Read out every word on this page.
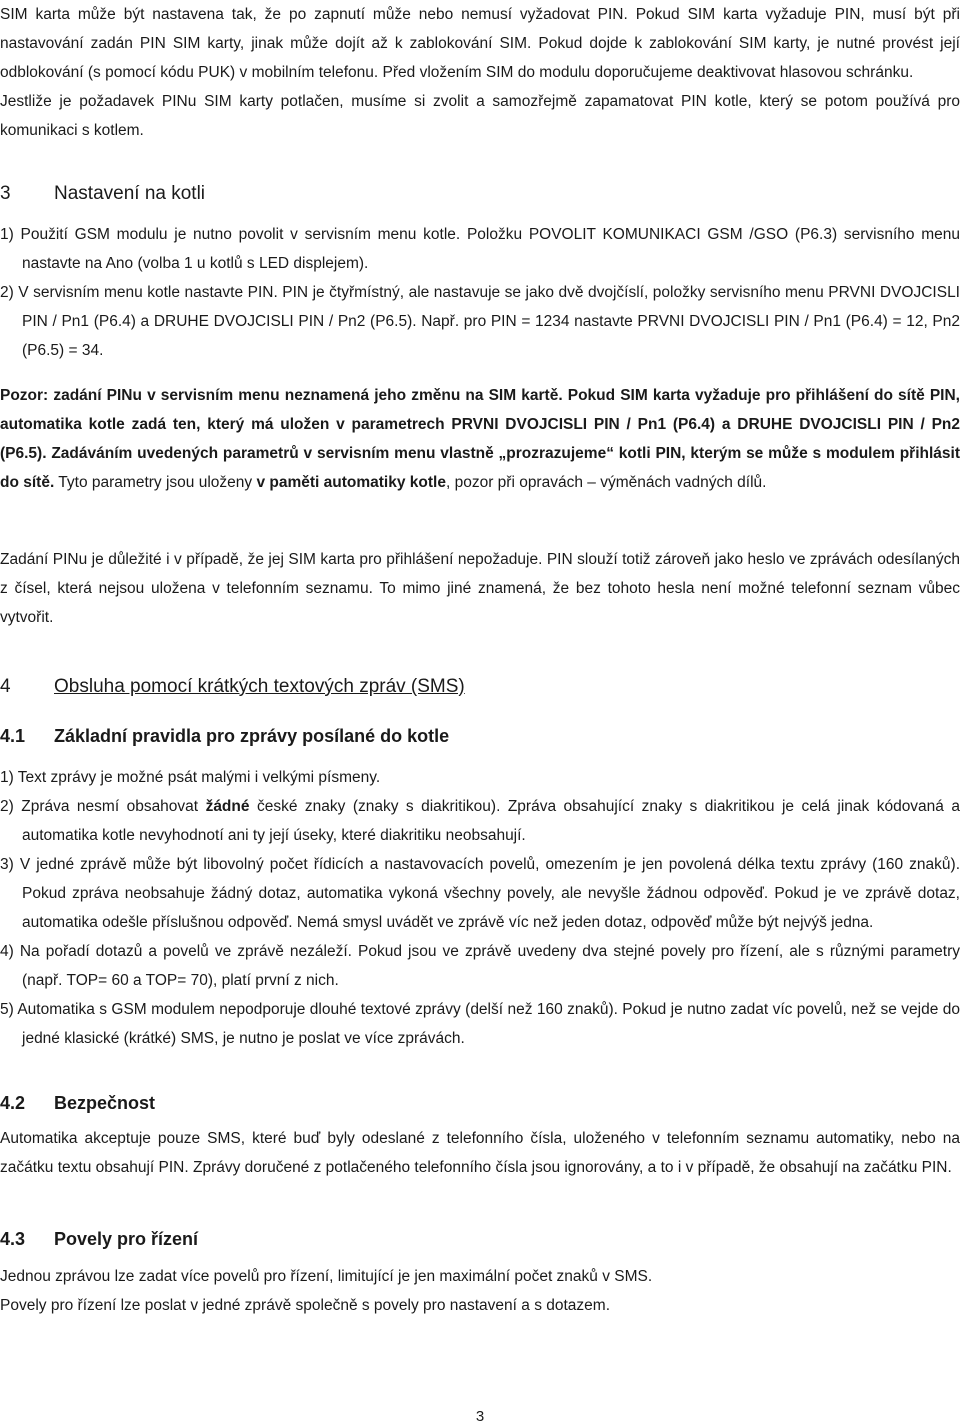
SIM karta může být nastavena tak, že po zapnutí může nebo nemusí vyžadovat PIN. Pokud SIM karta vyžaduje PIN, musí být při nastavování zadán PIN SIM karty, jinak může dojít až k zablokování SIM. Pokud dojde k zablokování SIM karty, je nutné provést její odblokování (s pomocí kódu PUK) v mobilním telefonu. Před vložením SIM do modulu doporučujeme deaktivovat hlasovou schránku.

Jestliže je požadavek PINu SIM karty potlačen, musíme si zvolit a samozřejmě zapamatovat PIN kotle, který se potom používá pro komunikaci s kotlem.

3 Nastavení na kotli

1) Použití GSM modulu je nutno povolit v servisním menu kotle. Položku POVOLIT KOMUNIKACI GSM /GSO (P6.3) servisního menu nastavte na Ano (volba 1 u kotlů s LED displejem).

2) V servisním menu kotle nastavte PIN. PIN je čtyřmístný, ale nastavuje se jako dvě dvojčíslí, položky servisního menu PRVNI DVOJCISLI PIN / Pn1 (P6.4) a DRUHE DVOJCISLI PIN / Pn2 (P6.5). Např. pro PIN = 1234 nastavte PRVNI DVOJCISLI PIN / Pn1 (P6.4) = 12, Pn2 (P6.5) = 34.

Pozor: zadání PINu v servisním menu neznamená jeho změnu na SIM kartě. Pokud SIM karta vyžaduje pro přihlášení do sítě PIN, automatika kotle zadá ten, který má uložen v parametrech PRVNI DVOJCISLI PIN / Pn1 (P6.4) a DRUHE DVOJCISLI PIN / Pn2 (P6.5). Zadáváním uvedených parametrů v servisním menu vlastně „prozrazujeme“ kotli PIN, kterým se může s modulem přihlásit do sítě. Tyto parametry jsou uloženy v paměti automatiky kotle, pozor při opravách – výměnách vadných dílů.

Zadání PINu je důležité i v případě, že jej SIM karta pro přihlášení nepožaduje. PIN slouží totiž zároveň jako heslo ve zprávách odesílaných z čísel, která nejsou uložena v telefonním seznamu. To mimo jiné znamená, že bez tohoto hesla není možné telefonní seznam vůbec vytvořit.

4 Obsluha pomocí krátkých textových zpráv (SMS)
4.1 Základní pravidla pro zprávy posílané do kotle

1) Text zprávy je možné psát malými i velkými písmeny.

2) Zpráva nesmí obsahovat žádné české znaky (znaky s diakritikou). Zpráva obsahující znaky s diakritikou je celá jinak kódovaná a automatika kotle nevyhodnotí ani ty její úseky, které diakritiku neobsahují.

3) V jedné zprávě může být libovolný počet řídicích a nastavovacích povelů, omezením je jen povolená délka textu zprávy (160 znaků). Pokud zpráva neobsahuje žádný dotaz, automatika vykoná všechny povely, ale nevyšle žádnou odpověď. Pokud je ve zprávě dotaz, automatika odešle příslušnou odpověď. Nemá smysl uvádět ve zprávě víc než jeden dotaz, odpověď může být nejvýš jedna.

4) Na pořadí dotazů a povelů ve zprávě nezáleží. Pokud jsou ve zprávě uvedeny dva stejné povely pro řízení, ale s různými parametry (např. TOP= 60 a TOP= 70), platí první z nich.

5) Automatika s GSM modulem nepodporuje dlouhé textové zprávy (delší než 160 znaků). Pokud je nutno zadat víc povelů, než se vejde do jedné klasické (krátké) SMS, je nutno je poslat ve více zprávách.

4.2 Bezpečnost

Automatika akceptuje pouze SMS, které buď byly odeslané z telefonního čísla, uloženého v telefonním seznamu automatiky, nebo na začátku textu obsahují PIN. Zprávy doručené z potlačeného telefonního čísla jsou ignorovány, a to i v případě, že obsahují na začátku PIN.

4.3 Povely pro řízení

Jednou zprávou lze zadat více povelů pro řízení, limitující je jen maximální počet znaků v SMS.

Povely pro řízení lze poslat v jedné zprávě společně s povely pro nastavení a s dotazem.

3
